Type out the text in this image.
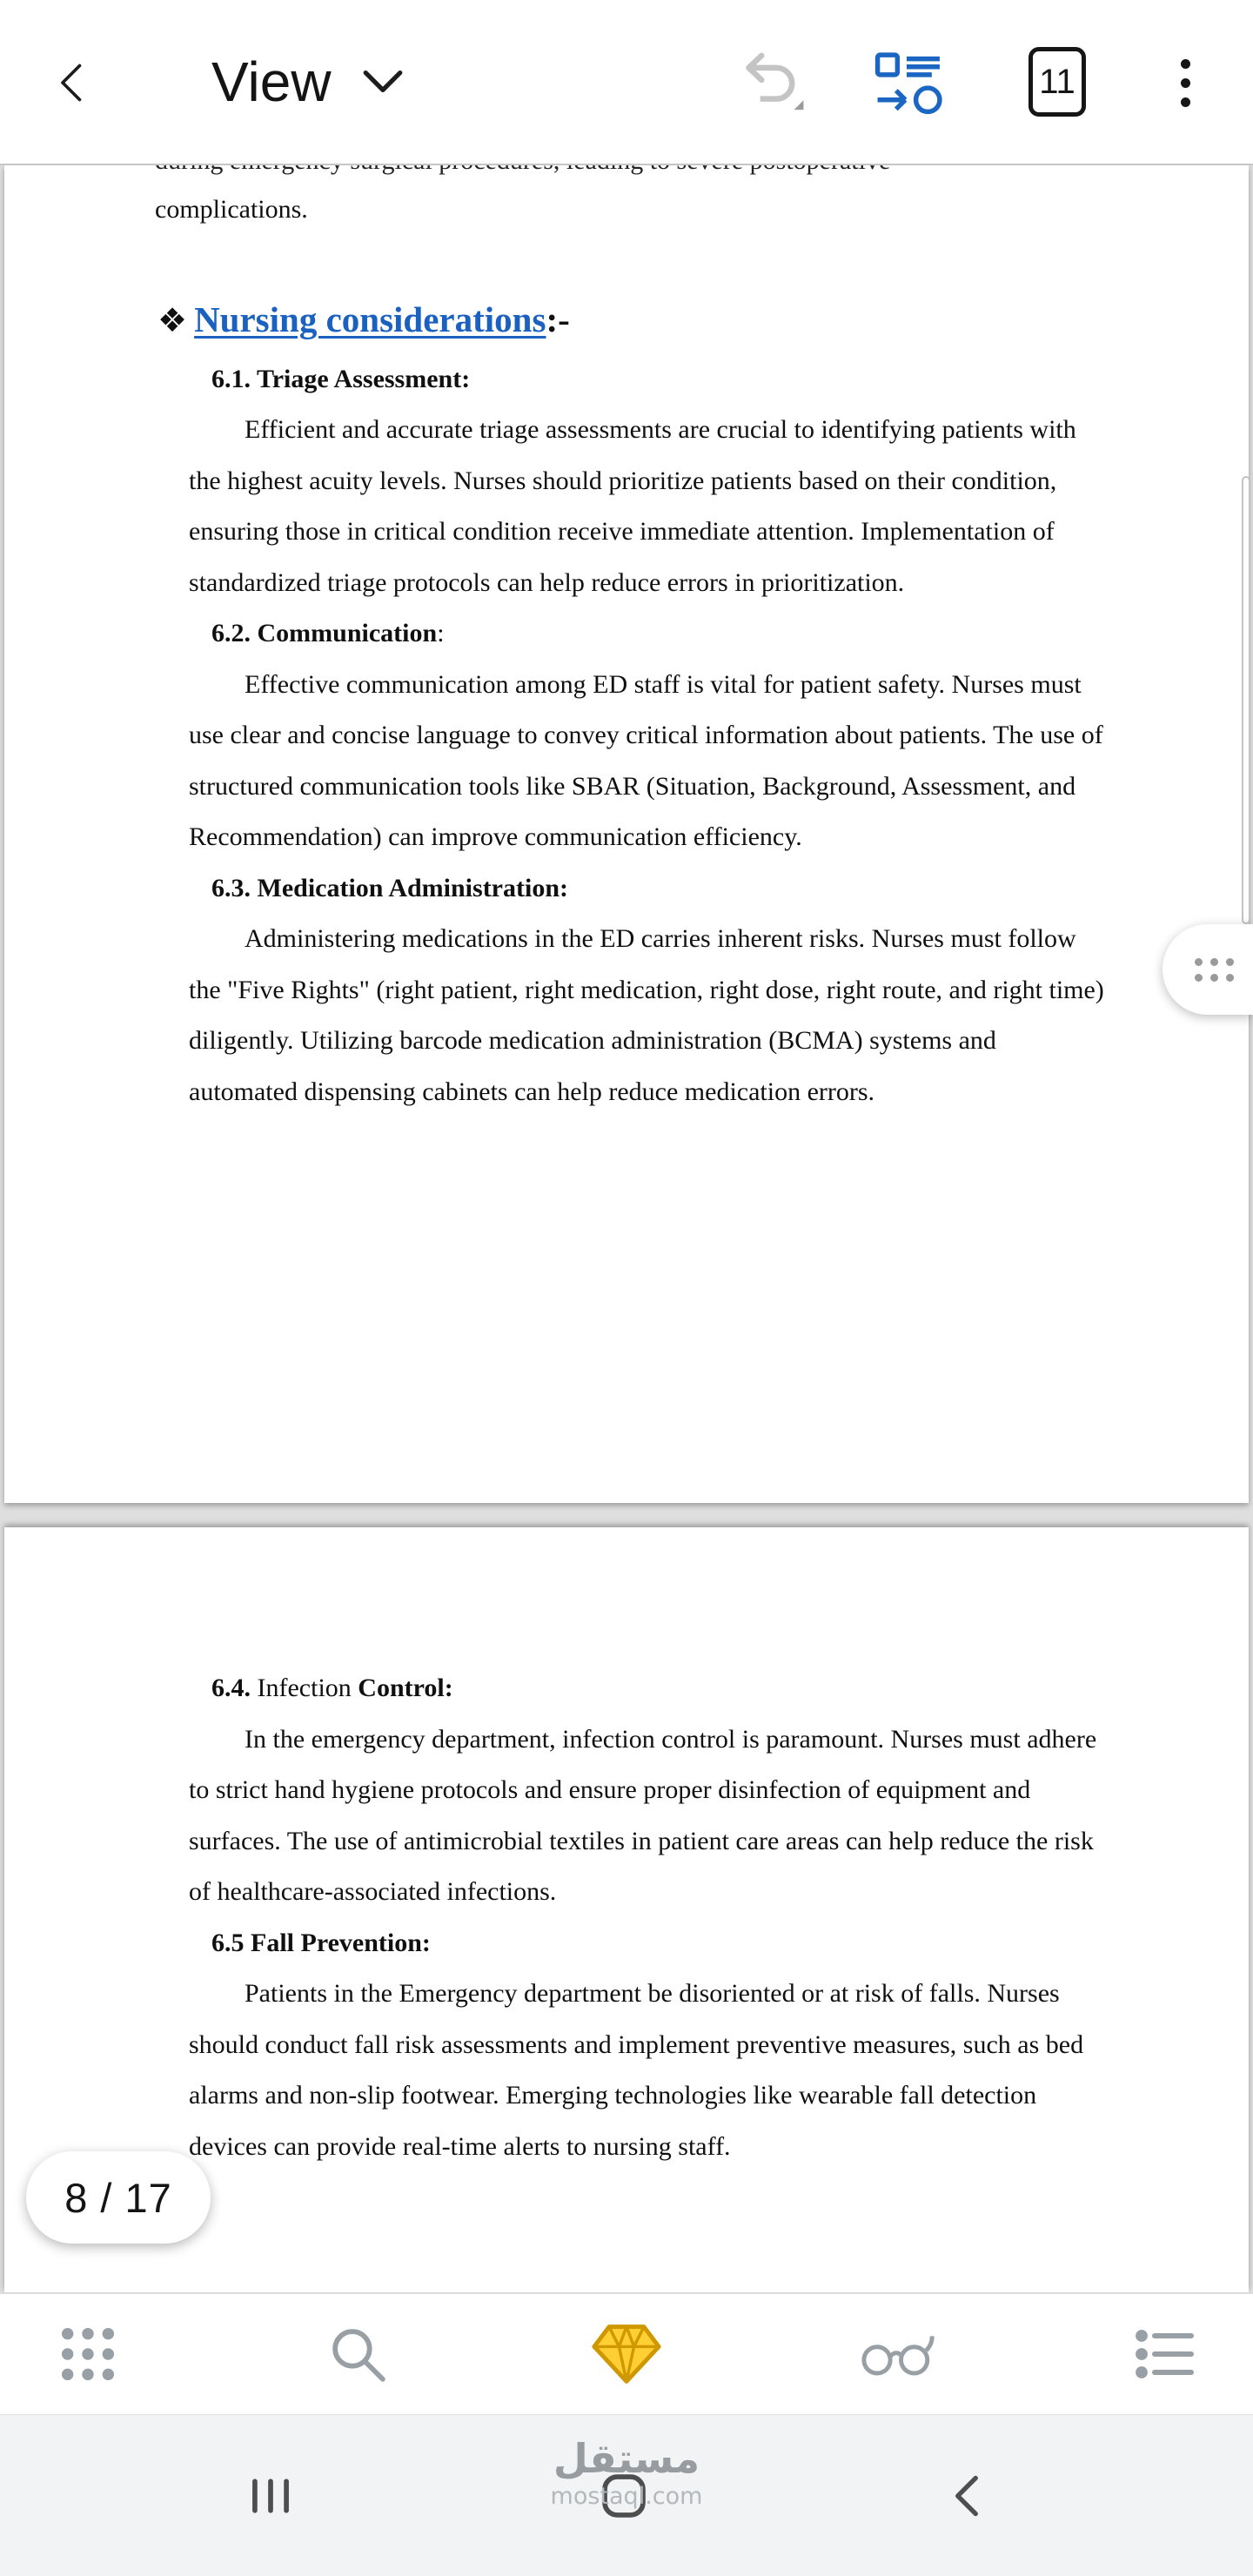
View	11

complications.

❖ Nursing considerations:-

6.1. Triage Assessment:

Efficient and accurate triage assessments are crucial to identifying patients with the highest acuity levels. Nurses should prioritize patients based on their condition, ensuring those in critical condition receive immediate attention. Implementation of standardized triage protocols can help reduce errors in prioritization.

6.2. Communication:

Effective communication among ED staff is vital for patient safety. Nurses must use clear and concise language to convey critical information about patients. The use of structured communication tools like SBAR (Situation, Background, Assessment, and Recommendation) can improve communication efficiency.

6.3. Medication Administration:

Administering medications in the ED carries inherent risks. Nurses must follow the "Five Rights" (right patient, right medication, right dose, right route, and right time) diligently. Utilizing barcode medication administration (BCMA) systems and automated dispensing cabinets can help reduce medication errors.

6.4. Infection Control:

In the emergency department, infection control is paramount. Nurses must adhere to strict hand hygiene protocols and ensure proper disinfection of equipment and surfaces. The use of antimicrobial textiles in patient care areas can help reduce the risk of healthcare-associated infections.

6.5 Fall Prevention:

Patients in the Emergency department be disoriented or at risk of falls. Nurses should conduct fall risk assessments and implement preventive measures, such as bed alarms and non-slip footwear. Emerging technologies like wearable fall detection devices can provide real-time alerts to nursing staff.

8 / 17
مستقل
mostaql.com
